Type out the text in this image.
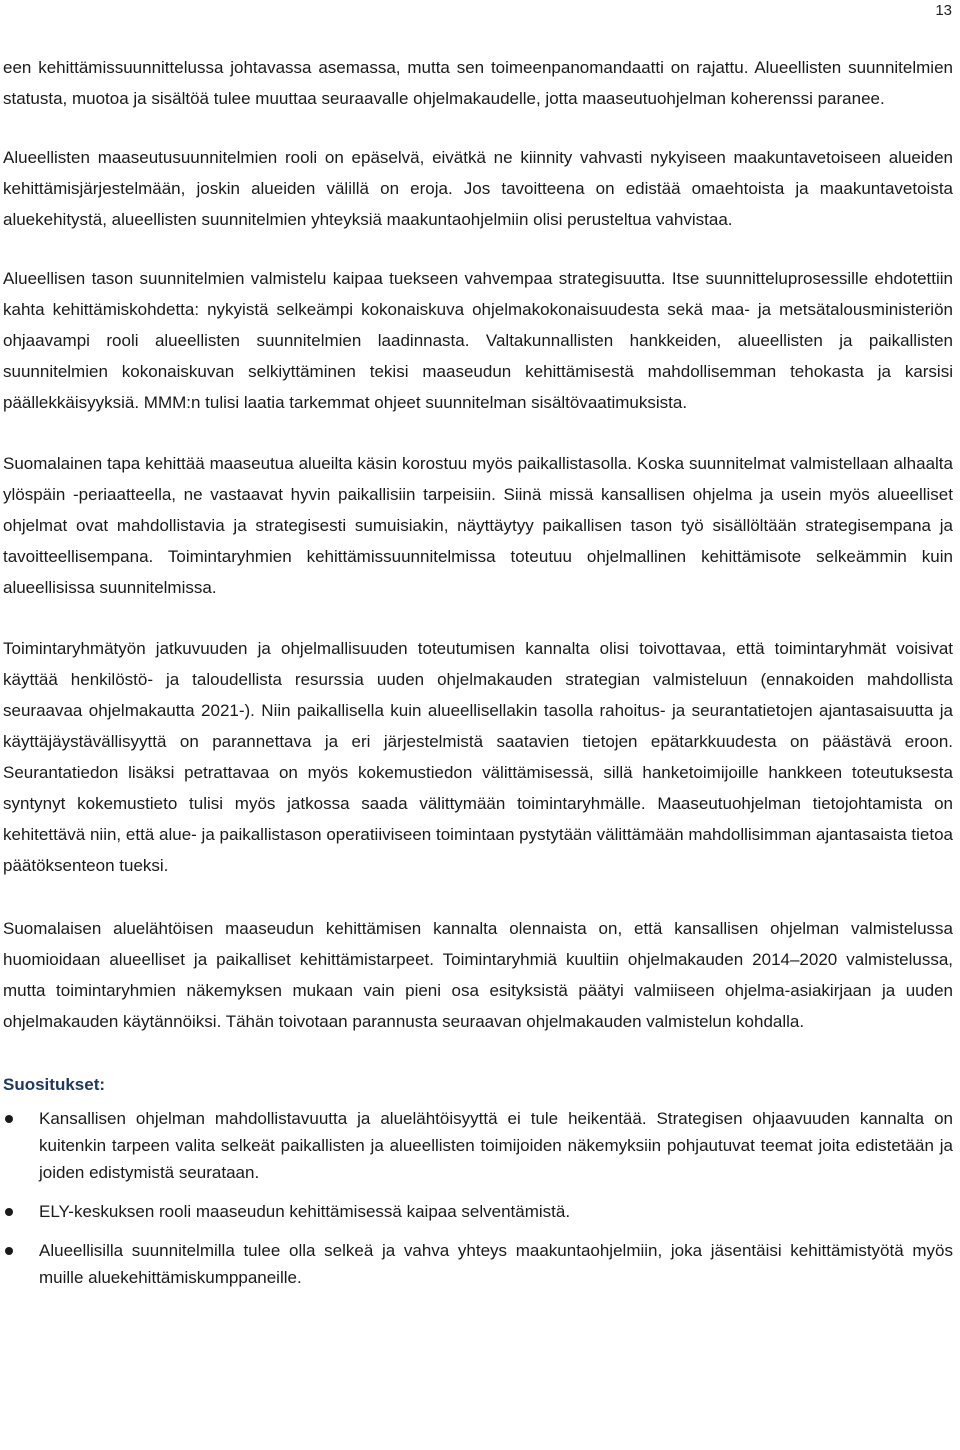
13

een kehittämissuunnittelussa johtavassa asemassa, mutta sen toimeenpanomandaatti on rajattu. Alueellisten suunnitelmien statusta, muotoa ja sisältöä tulee muuttaa seuraavalle ohjelmakaudelle, jotta maaseutuohjelman koherenssi paranee.

Alueellisten maaseutusuunnitelmien rooli on epäselvä, eivätkä ne kiinnity vahvasti nykyiseen maakuntavetoiseen alueiden kehittämisjärjestelmään, joskin alueiden välillä on eroja. Jos tavoitteena on edistää omaehtoista ja maakuntavetoista aluekehitystä, alueellisten suunnitelmien yhteyksiä maakuntaohjelmiin olisi perusteltua vahvistaa.

Alueellisen tason suunnitelmien valmistelu kaipaa tuekseen vahvempaa strategisuutta. Itse suunnitteluprosessille ehdotettiin kahta kehittämiskohdetta: nykyistä selkeämpi kokonaiskuva ohjelmakokonaisuudesta sekä maa- ja metsätalousministeriön ohjaavampi rooli alueellisten suunnitelmien laadinnasta. Valtakunnallisten hankkeiden, alueellisten ja paikallisten suunnitelmien kokonaiskuvan selkiyttäminen tekisi maaseudun kehittämisestä mahdollisemman tehokasta ja karsisi päällekkäisyyksiä. MMM:n tulisi laatia tarkemmat ohjeet suunnitelman sisältövaatimuksista.

Suomalainen tapa kehittää maaseutua alueilta käsin korostuu myös paikallistasolla. Koska suunnitelmat valmistellaan alhaalta ylöspäin -periaatteella, ne vastaavat hyvin paikallisiin tarpeisiin. Siinä missä kansallisen ohjelma ja usein myös alueelliset ohjelmat ovat mahdollistavia ja strategisesti sumuisiakin, näyttäytyy paikallisen tason työ sisällöltään strategisempana ja tavoitteellisempana. Toimintaryhmien kehittämissuunnitelmissa toteutuu ohjelmallinen kehittämisote selkeämmin kuin alueellisissa suunnitelmissa.

Toimintaryhmätyön jatkuvuuden ja ohjelmallisuuden toteutumisen kannalta olisi toivottavaa, että toimintaryhmät voisivat käyttää henkilöstö- ja taloudellista resurssia uuden ohjelmakauden strategian valmisteluun (ennakoiden mahdollista seuraavaa ohjelmakautta 2021-). Niin paikallisella kuin alueellisellakin tasolla rahoitus- ja seurantatietojen ajantasaisuutta ja käyttäjäystävällisyyttä on parannettava ja eri järjestelmistä saatavien tietojen epätarkkuudesta on päästävä eroon. Seurantatiedon lisäksi petrattavaa on myös kokemustiedon välittämisessä, sillä hanketoimijoille hankkeen toteutuksesta syntynyt kokemustieto tulisi myös jatkossa saada välittymään toimintaryhmälle. Maaseutuohjelman tietojohtamista on kehitettävä niin, että alue- ja paikallistason operatiiviseen toimintaan pystytään välittämään mahdollisimman ajantasaista tietoa päätöksenteon tueksi.

Suomalaisen aluelähtöisen maaseudun kehittämisen kannalta olennaista on, että kansallisen ohjelman valmistelussa huomioidaan alueelliset ja paikalliset kehittämistarpeet. Toimintaryhmiä kuultiin ohjelmakauden 2014–2020 valmistelussa, mutta toimintaryhmien näkemyksen mukaan vain pieni osa esityksistä päätyi valmiiseen ohjelma-asiakirjaan ja uuden ohjelmakauden käytännöiksi. Tähän toivotaan parannusta seuraavan ohjelmakauden valmistelun kohdalla.

Suositukset:
Kansallisen ohjelman mahdollistavuutta ja aluelähtöisyyttä ei tule heikentää. Strategisen ohjaavuuden kannalta on kuitenkin tarpeen valita selkeät paikallisten ja alueellisten toimijoiden näkemyksiin pohjautuvat teemat joita edistetään ja joiden edistymistä seurataan.
ELY-keskuksen rooli maaseudun kehittämisessä kaipaa selventämistä.
Alueellisilla suunnitelmilla tulee olla selkeä ja vahva yhteys maakuntaohjelmiin, joka jäsentäisi kehittämistyötä myös muille aluekehittämiskumppaneille.
